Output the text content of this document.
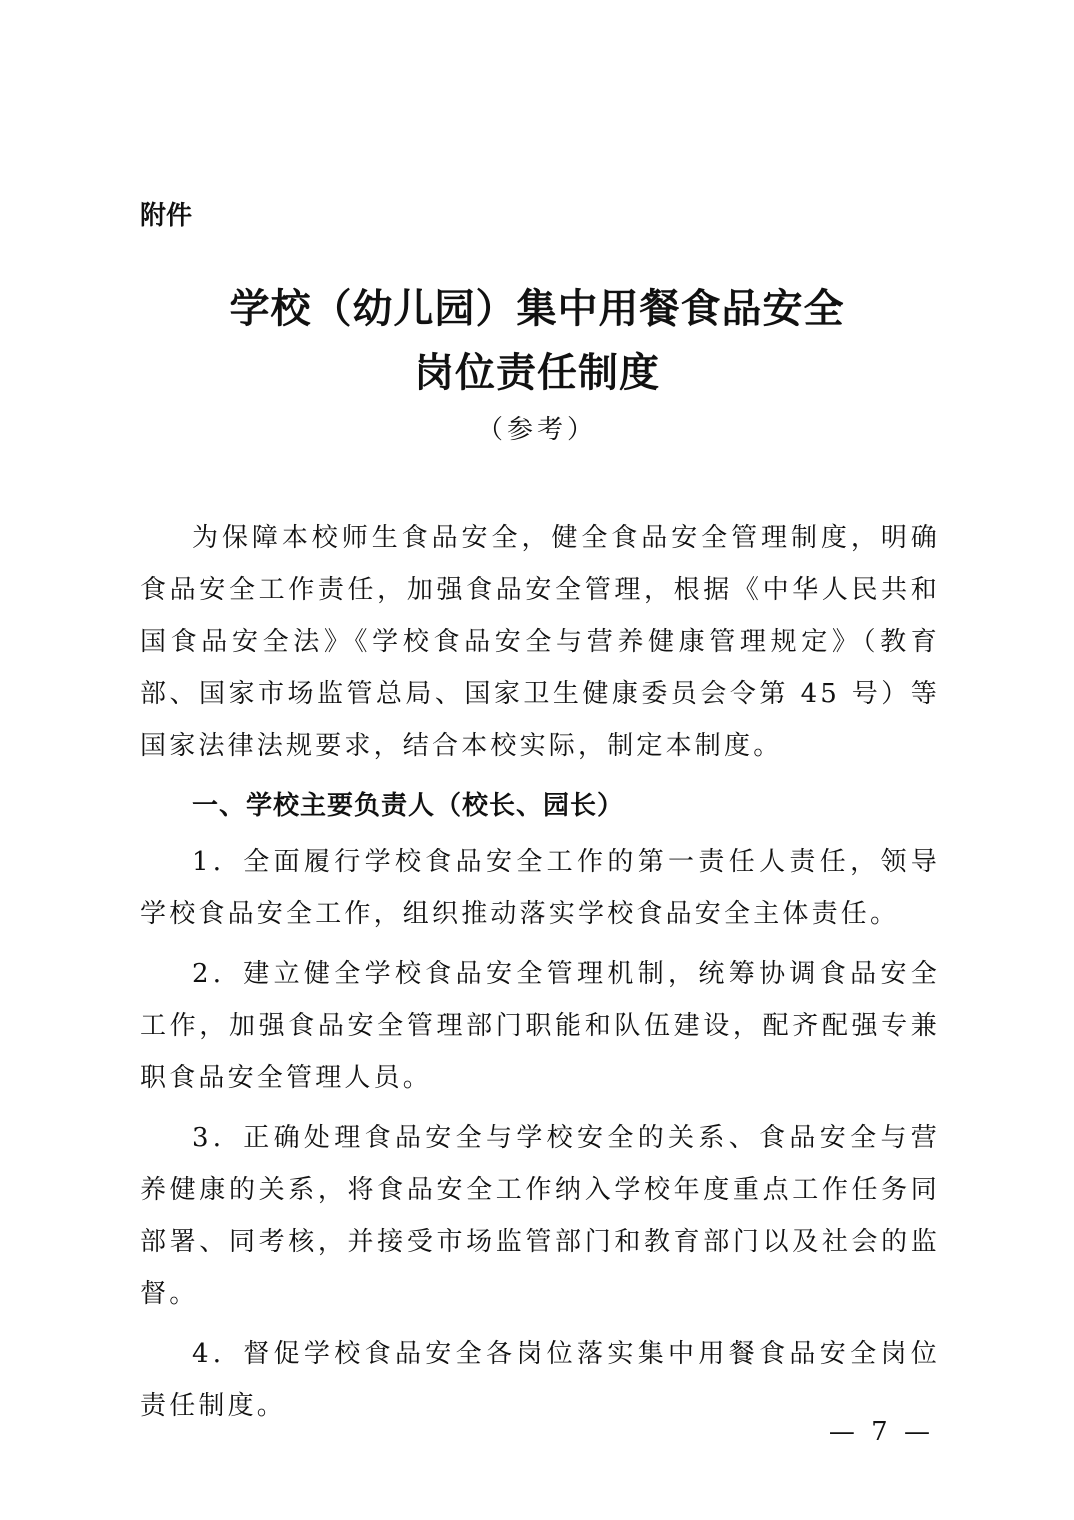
附件

学校（幼儿园）集中用餐食品安全
岗位责任制度

（参考）

为保障本校师生食品安全，健全食品安全管理制度，明确食品安全工作责任，加强食品安全管理，根据《中华人民共和国食品安全法》《学校食品安全与营养健康管理规定》（教育部、国家市场监管总局、国家卫生健康委员会令第 45 号）等国家法律法规要求，结合本校实际，制定本制度。

一、学校主要负责人（校长、园长）

1．全面履行学校食品安全工作的第一责任人责任，领导学校食品安全工作，组织推动落实学校食品安全主体责任。

2．建立健全学校食品安全管理机制，统筹协调食品安全工作，加强食品安全管理部门职能和队伍建设，配齐配强专兼职食品安全管理人员。

3．正确处理食品安全与学校安全的关系、食品安全与营养健康的关系，将食品安全工作纳入学校年度重点工作任务同部署、同考核，并接受市场监管部门和教育部门以及社会的监督。

4．督促学校食品安全各岗位落实集中用餐食品安全岗位责任制度。

— 7 —
